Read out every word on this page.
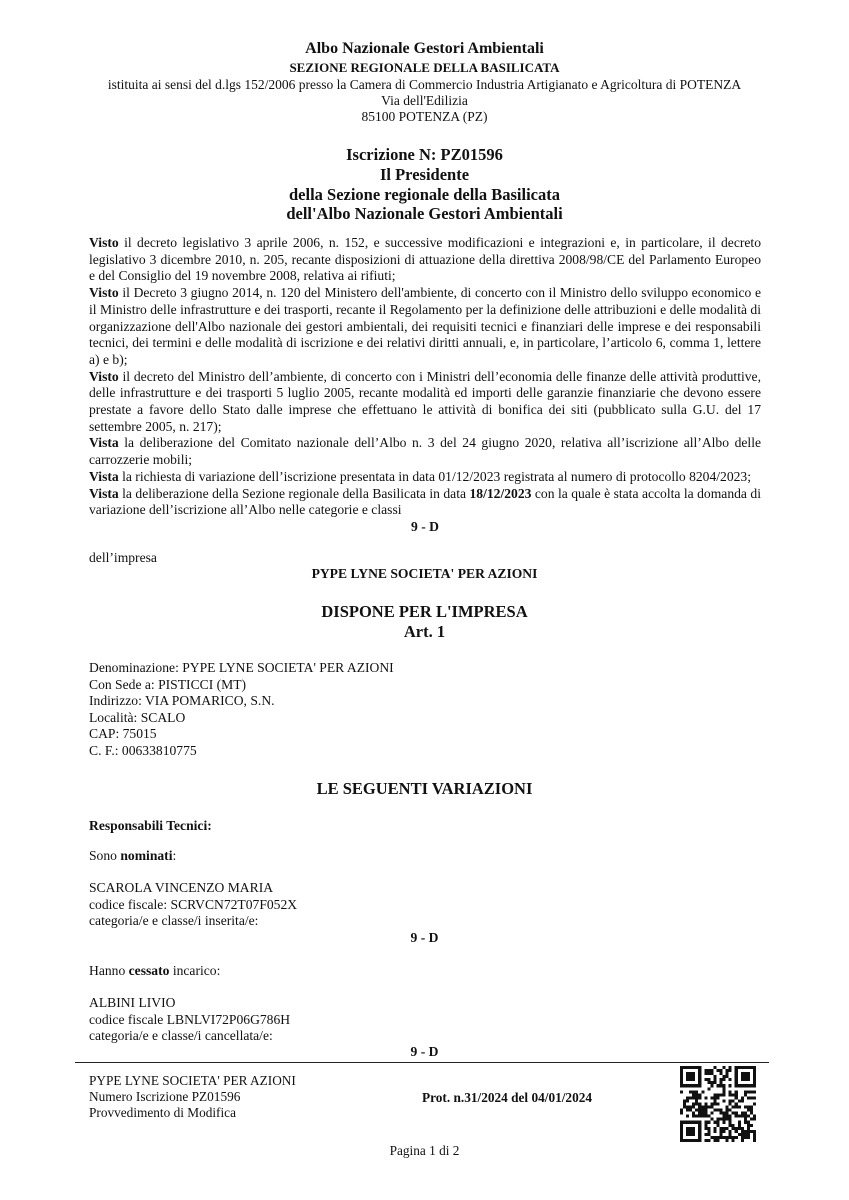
Albo Nazionale Gestori Ambientali
SEZIONE REGIONALE DELLA BASILICATA
istituita ai sensi del d.lgs 152/2006 presso la Camera di Commercio Industria Artigianato e Agricoltura di POTENZA
Via dell'Edilizia
85100 POTENZA (PZ)
Iscrizione N: PZ01596
Il Presidente
della Sezione regionale della Basilicata
dell'Albo Nazionale Gestori Ambientali

Visto il decreto legislativo 3 aprile 2006, n. 152, e successive modificazioni e integrazioni e, in particolare, il decreto legislativo 3 dicembre 2010, n. 205, recante disposizioni di attuazione della direttiva 2008/98/CE del Parlamento Europeo e del Consiglio del 19 novembre 2008, relativa ai rifiuti;

Visto il Decreto 3 giugno 2014, n. 120 del Ministero dell'ambiente, di concerto con il Ministro dello sviluppo economico e il Ministro delle infrastrutture e dei trasporti, recante il Regolamento per la definizione delle attribuzioni e delle modalità di organizzazione dell'Albo nazionale dei gestori ambientali, dei requisiti tecnici e finanziari delle imprese e dei responsabili tecnici, dei termini e delle modalità di iscrizione e dei relativi diritti annuali, e, in particolare, l’articolo 6, comma 1, lettere a) e b);

Visto il decreto del Ministro dell’ambiente, di concerto con i Ministri dell’economia delle finanze delle attività produttive, delle infrastrutture e dei trasporti 5 luglio 2005, recante modalità ed importi delle garanzie finanziarie che devono essere prestate a favore dello Stato dalle imprese che effettuano le attività di bonifica dei siti (pubblicato sulla G.U. del 17 settembre 2005, n. 217);

Vista la deliberazione del Comitato nazionale dell’Albo n. 3 del 24 giugno 2020, relativa all’iscrizione all’Albo delle carrozzerie mobili;

Vista la richiesta di variazione dell’iscrizione presentata in data 01/12/2023 registrata al numero di protocollo 8204/2023;

Vista la deliberazione della Sezione regionale della Basilicata in data 18/12/2023 con la quale è stata accolta la domanda di variazione dell’iscrizione all’Albo nelle categorie e classi

9 - D
dell’impresa
PYPE LYNE SOCIETA' PER AZIONI
DISPONE PER L'IMPRESA
Art. 1
Denominazione: PYPE LYNE SOCIETA' PER AZIONI
Con Sede a: PISTICCI (MT)
Indirizzo: VIA POMARICO, S.N.
Località: SCALO
CAP: 75015
C. F.: 00633810775
LE SEGUENTI VARIAZIONI
Responsabili Tecnici:
Sono nominati:
SCAROLA VINCENZO MARIA
codice fiscale: SCRVCN72T07F052X
categoria/e e classe/i inserita/e:
9 - D
Hanno cessato incarico:
ALBINI LIVIO
codice fiscale LBNLVI72P06G786H
categoria/e e classe/i cancellata/e:
9 - D
PYPE LYNE SOCIETA' PER AZIONI
Numero Iscrizione PZ01596
Provvedimento di Modifica
Prot. n.31/2024 del 04/01/2024
Pagina 1 di 2
